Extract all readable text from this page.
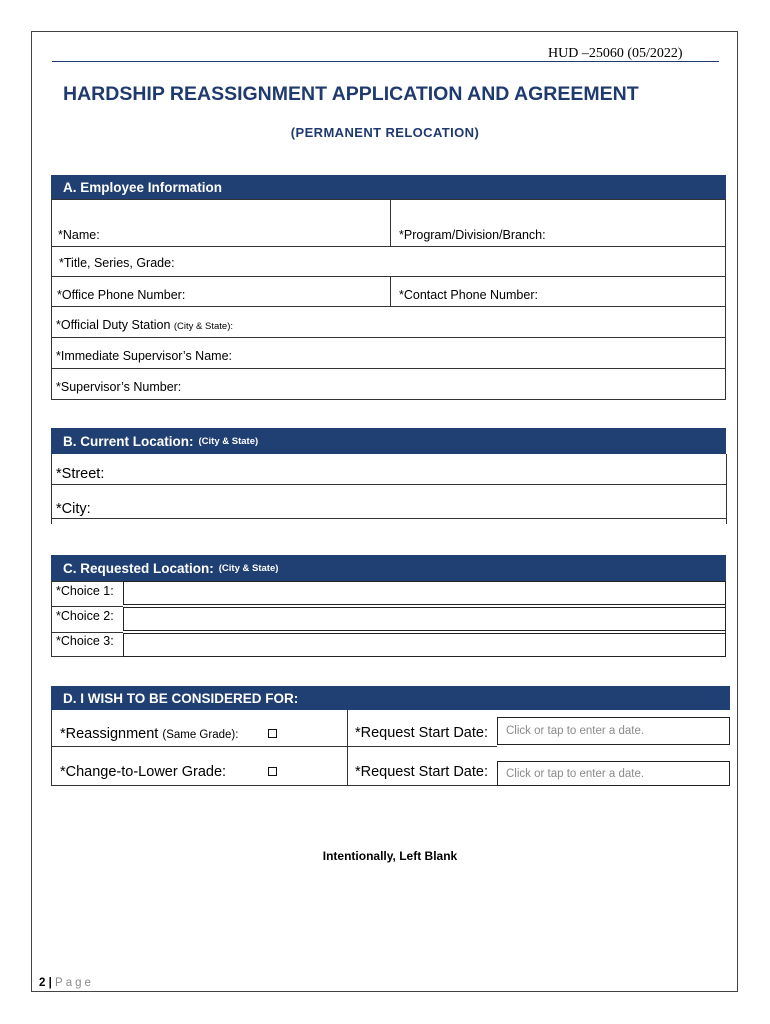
HUD –25060 (05/2022)
HARDSHIP REASSIGNMENT APPLICATION AND AGREEMENT
(PERMANENT RELOCATION)
A. Employee Information
*Name:	*Program/Division/Branch:
*Title, Series, Grade:
*Office Phone Number:	*Contact Phone Number:
*Official Duty Station (City & State):
*Immediate Supervisor’s Name:
*Supervisor’s Number:
B. Current Location: (City & State)
*Street:
*City:
C. Requested Location: (City & State)
*Choice 1:
*Choice 2:
*Choice 3:
D. I WISH TO BE CONSIDERED FOR:
*Reassignment (Same Grade):	*Request Start Date:	Click or tap to enter a date.
*Change-to-Lower Grade:	*Request Start Date:	Click or tap to enter a date.
Intentionally, Left Blank
2 | Page
